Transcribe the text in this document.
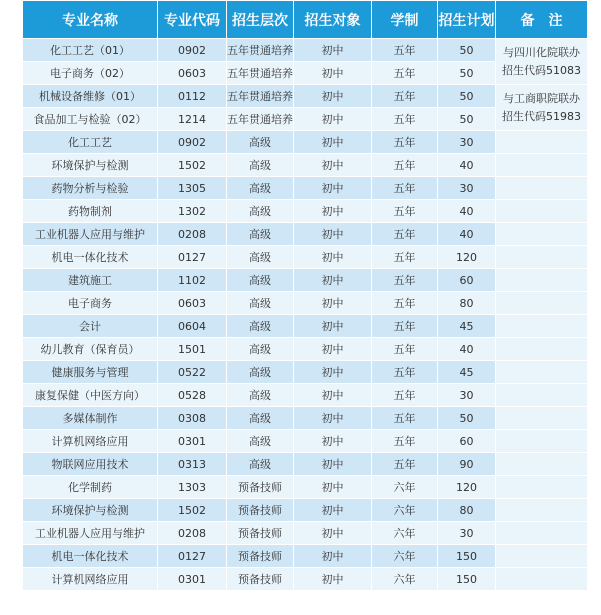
专业名称	专业代码	招生层次	招生对象	学制	招生计划	备　注
化工工艺（01）	0902	五年贯通培养	初中	五年	50	与四川化院联办 招生代码51083
电子商务（02）	0603	五年贯通培养	初中	五年	50	
机械设备维修（01）	0112	五年贯通培养	初中	五年	50	与工商职院联办 招生代码51983
食品加工与检验（02）	1214	五年贯通培养	初中	五年	50	
化工工艺	0902	高级	初中	五年	30	
环境保护与检测	1502	高级	初中	五年	40	
药物分析与检验	1305	高级	初中	五年	30	
药物制剂	1302	高级	初中	五年	40	
工业机器人应用与维护	0208	高级	初中	五年	40	
机电一体化技术	0127	高级	初中	五年	120	
建筑施工	1102	高级	初中	五年	60	
电子商务	0603	高级	初中	五年	80	
会计	0604	高级	初中	五年	45	
幼儿教育（保育员）	1501	高级	初中	五年	40	
健康服务与管理	0522	高级	初中	五年	45	
康复保健（中医方向）	0528	高级	初中	五年	30	
多媒体制作	0308	高级	初中	五年	50	
计算机网络应用	0301	高级	初中	五年	60	
物联网应用技术	0313	高级	初中	五年	90	
化学制药	1303	预备技师	初中	六年	120	
环境保护与检测	1502	预备技师	初中	六年	80	
工业机器人应用与维护	0208	预备技师	初中	六年	30	
机电一体化技术	0127	预备技师	初中	六年	150	
计算机网络应用	0301	预备技师	初中	六年	150	
